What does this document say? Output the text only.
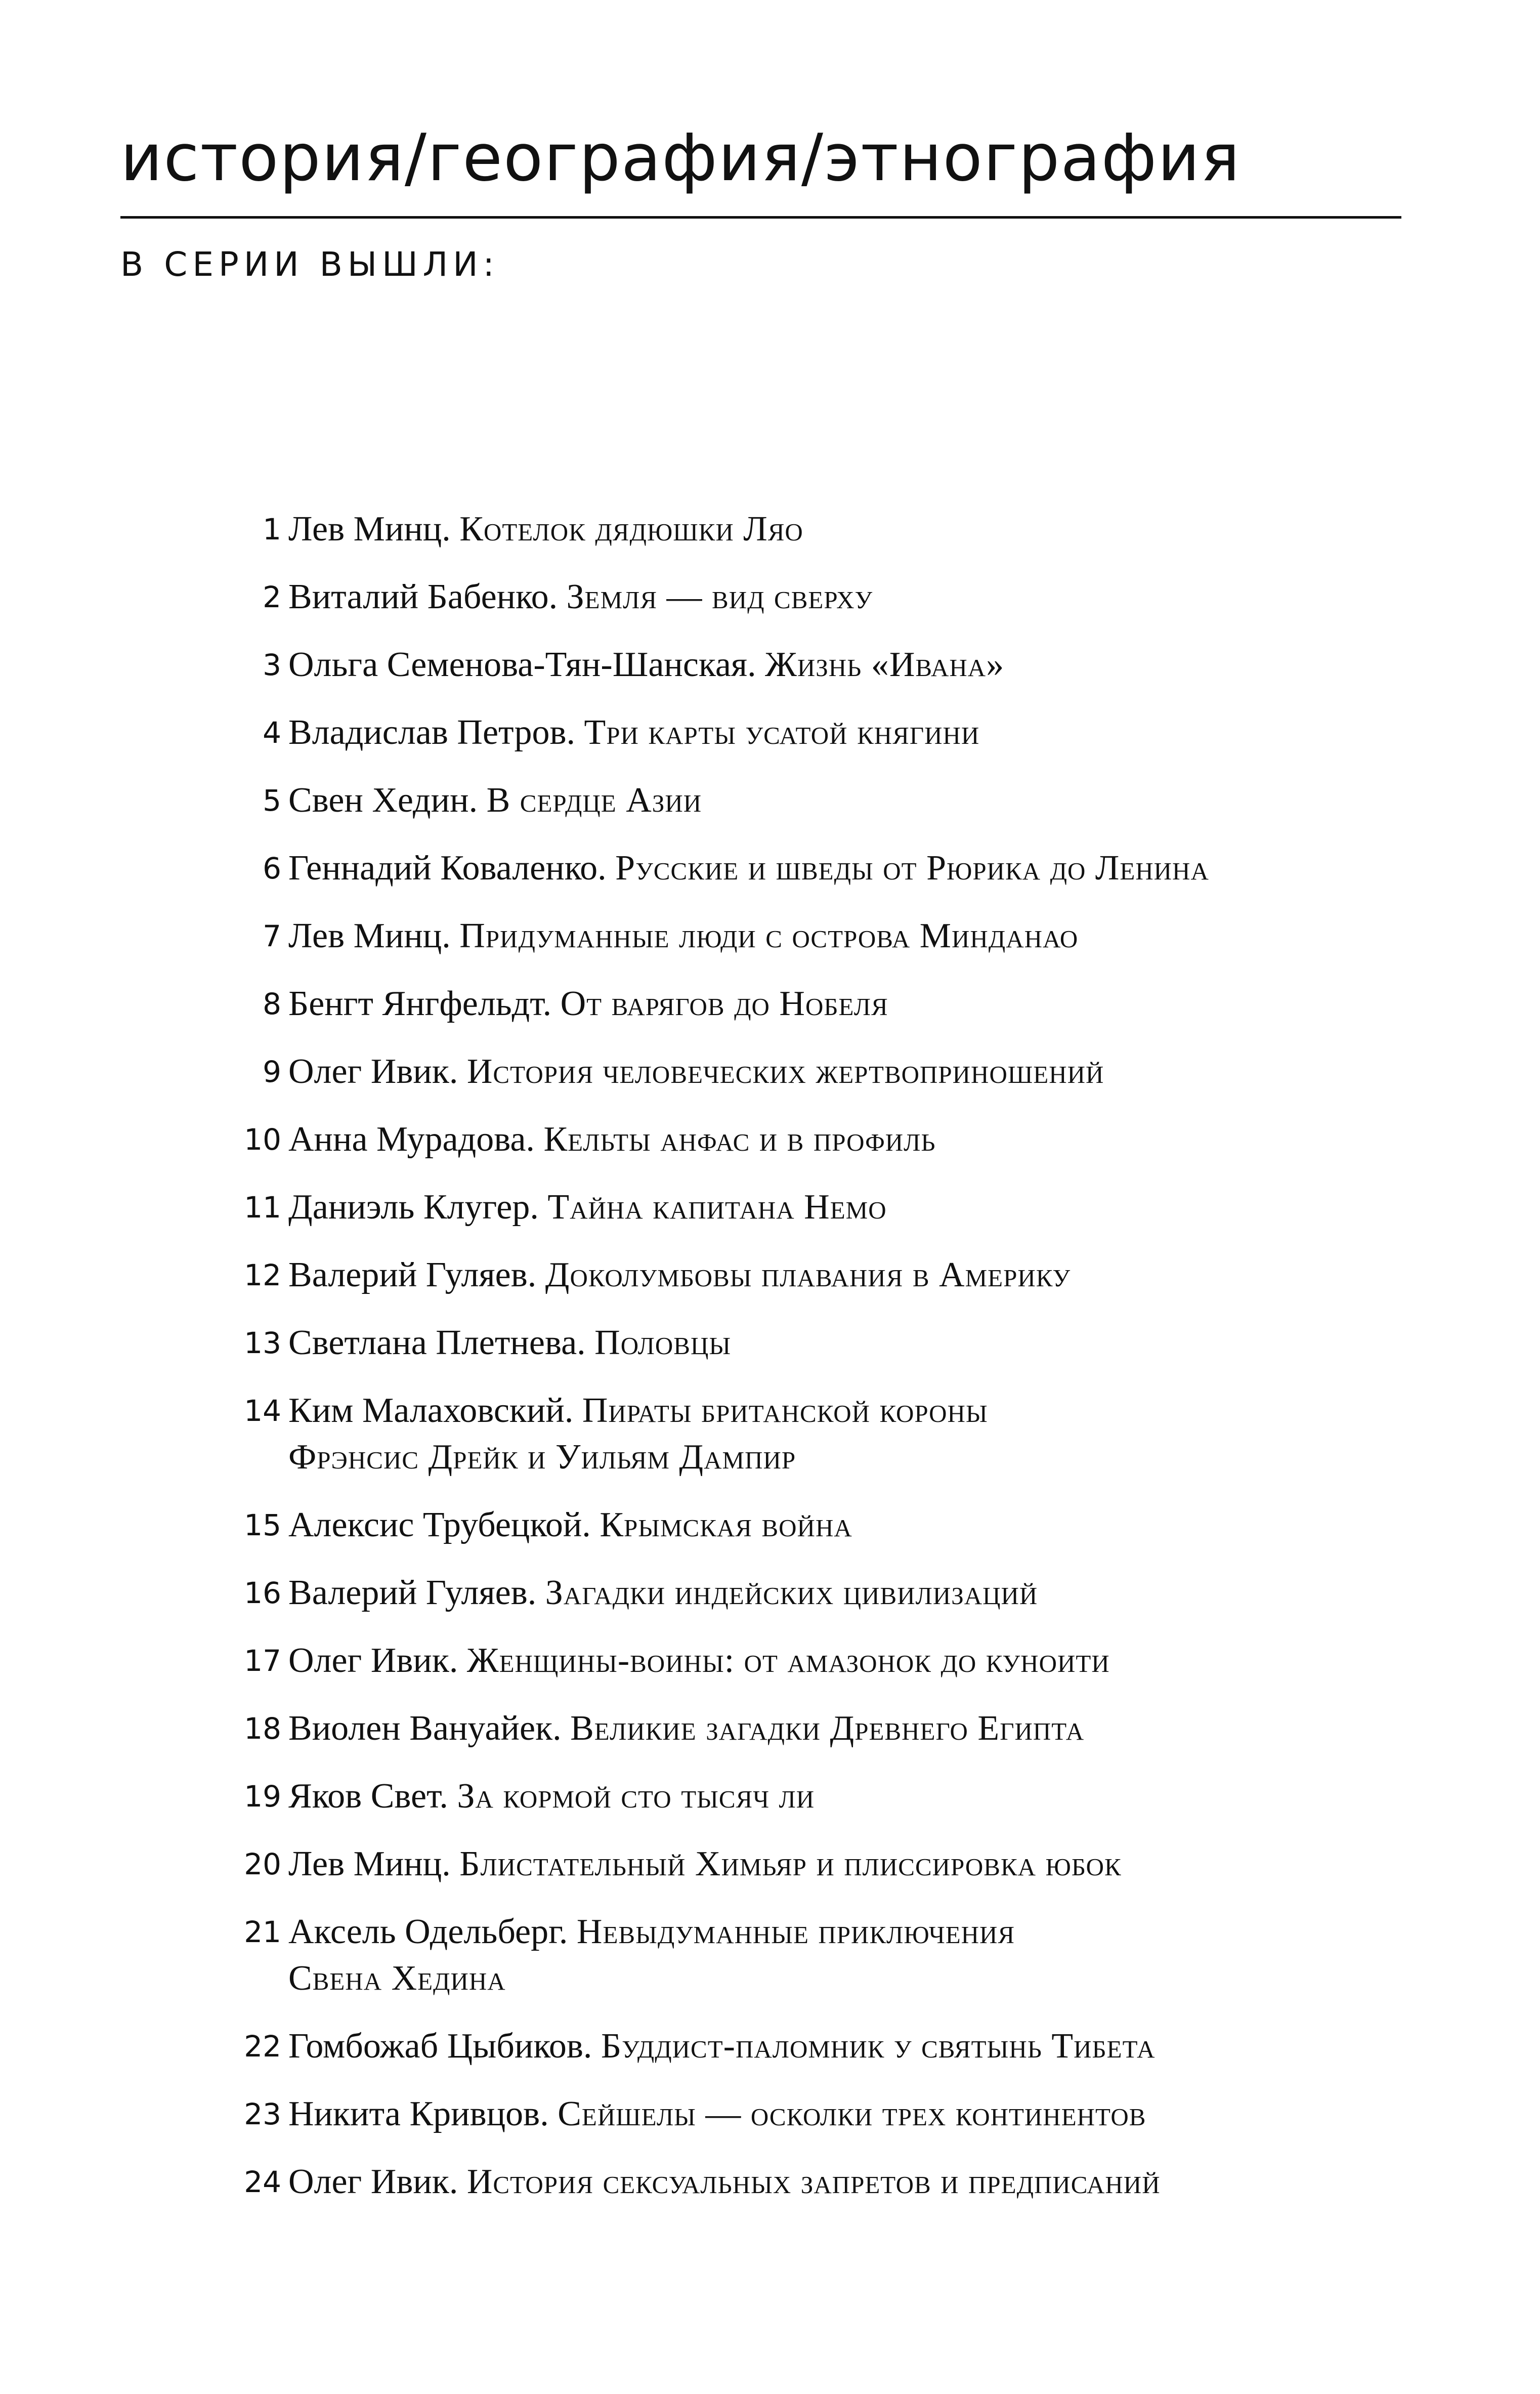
история/география/этнография
В СЕРИИ ВЫШЛИ:
1 Лев Минц. Котелок дядюшки Ляо
2 Виталий Бабенко. Земля — вид сверху
3 Ольга Семенова-Тян-Шанская. Жизнь «Ивана»
4 Владислав Петров. Три карты усатой княгини
5 Свен Хедин. В сердце Азии
6 Геннадий Коваленко. Русские и шведы от Рюрика до Ленина
7 Лев Минц. Придуманные люди с острова Минданао
8 Бенгт Янгфельдт. От варягов до Нобеля
9 Олег Ивик. История человеческих жертвоприношений
10 Анна Мурадова. Кельты анфас и в профиль
11 Даниэль Клугер. Тайна капитана Немо
12 Валерий Гуляев. Доколумбовы плавания в Америку
13 Светлана Плетнева. Половцы
14 Ким Малаховский. Пираты британской короны
Фрэнсис Дрейк и Уильям Дампир
15 Алексис Трубецкой. Крымская война
16 Валерий Гуляев. Загадки индейских цивилизаций
17 Олег Ивик. Женщины-воины: от амазонок до куноити
18 Виолен Вануайек. Великие загадки Древнего Египта
19 Яков Свет. За кормой сто тысяч ли
20 Лев Минц. Блистательный Химьяр и плиссировка юбок
21 Аксель Одельберг. Невыдуманные приключения
Свена Хедина
22 Гомбожаб Цыбиков. Буддист-паломник у святынь Тибета
23 Никита Кривцов. Сейшелы — осколки трех континентов
24 Олег Ивик. История сексуальных запретов и предписаний
